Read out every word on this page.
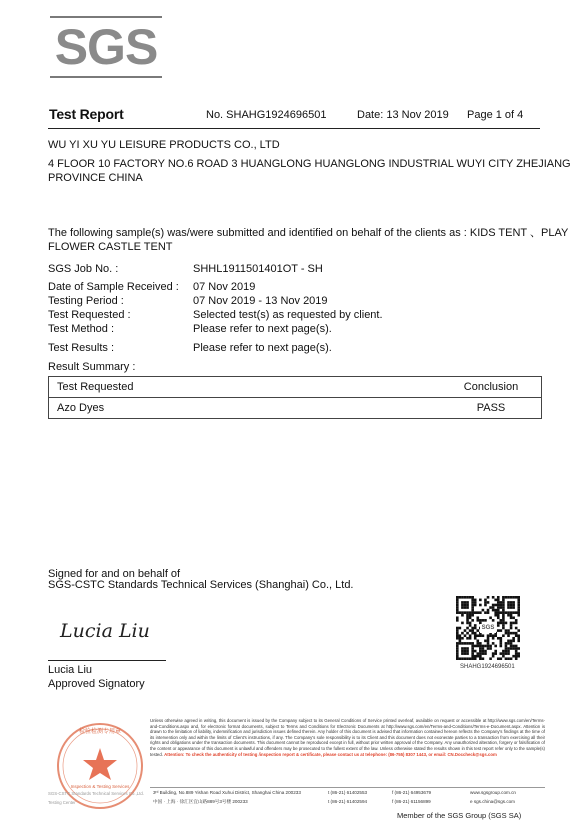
SGS
Test Report	No. SHAHG1924696501	Date: 13 Nov 2019 Page 1 of 4
WU YI XU YU LEISURE PRODUCTS CO., LTD
4 FLOOR 10 FACTORY NO.6 ROAD 3 HUANGLONG HUANGLONG INDUSTRIAL WUYI CITY ZHEJIANG
PROVINCE CHINA
The following sample(s) was/were submitted and identified on behalf of the clients as : KIDS TENT 、PLAY
FLOWER CASTLE TENT
SGS Job No. :	SHHL1911501401OT - SH
Date of Sample Received : 07 Nov 2019
Testing Period :	07 Nov 2019 - 13 Nov 2019
Test Requested :	Selected test(s) as requested by client.
Test Method :	Please refer to next page(s).
Test Results :	Please refer to next page(s).
Result Summary :
Test Requested	Conclusion
Azo Dyes	PASS
Signed for and on behalf of
SGS-CSTC Standards Technical Services (Shanghai) Co., Ltd.
Lucia Liu
Lucia Liu
Approved Signatory
SGS
SHAHG1924696501
检验检测专用章
Inspection & Testing Services
SGS-CSTC Standards Technical Services Co.,Ltd.
Testing Center
Unless otherwise agreed in writing, this document is issued by the Company subject to its General Conditions of Service printed overleaf, available on request or accessible at http://www.sgs.com/en/Terms-and-Conditions.aspx and, for electronic format documents, subject to Terms and Conditions for Electronic Documents at http://www.sgs.com/en/Terms-and-Conditions/Terms-e-Document.aspx. Attention is drawn to the limitation of liability, indemnification and jurisdiction issues defined therein. Any holder of this document is advised that information contained hereon reflects the Company's findings at the time of its intervention only and within the limits of Client's instructions, if any. The Company's sole responsibility is to its Client and this document does not exonerate parties to a transaction from exercising all their rights and obligations under the transaction documents. This document cannot be reproduced except in full, without prior written approval of the Company. Any unauthorized alteration, forgery or falsification of the content or appearance of this document is unlawful and offenders may be prosecuted to the fullest extent of the law. Unless otherwise stated the results shown in this test report refer only to the sample(s) tested. Attention: To check the authenticity of testing /inspection report & certificate, please contact us at telephone: (86-755) 8307 1443, or email: CN.Doccheck@sgs.com
3ʳᵈ Building, No.889 Yishan Road Xuhui District, Shanghai China 200233
中国 · 上海 · 徐汇区宜山路889号3号楼 200233
t (86-21) 61402553
t (86-21) 61402594
f (86-21) 64953679
f (86-21) 61156899
www.sgsgroup.com.cn
e sgs.china@sgs.com
Member of the SGS Group (SGS SA)
